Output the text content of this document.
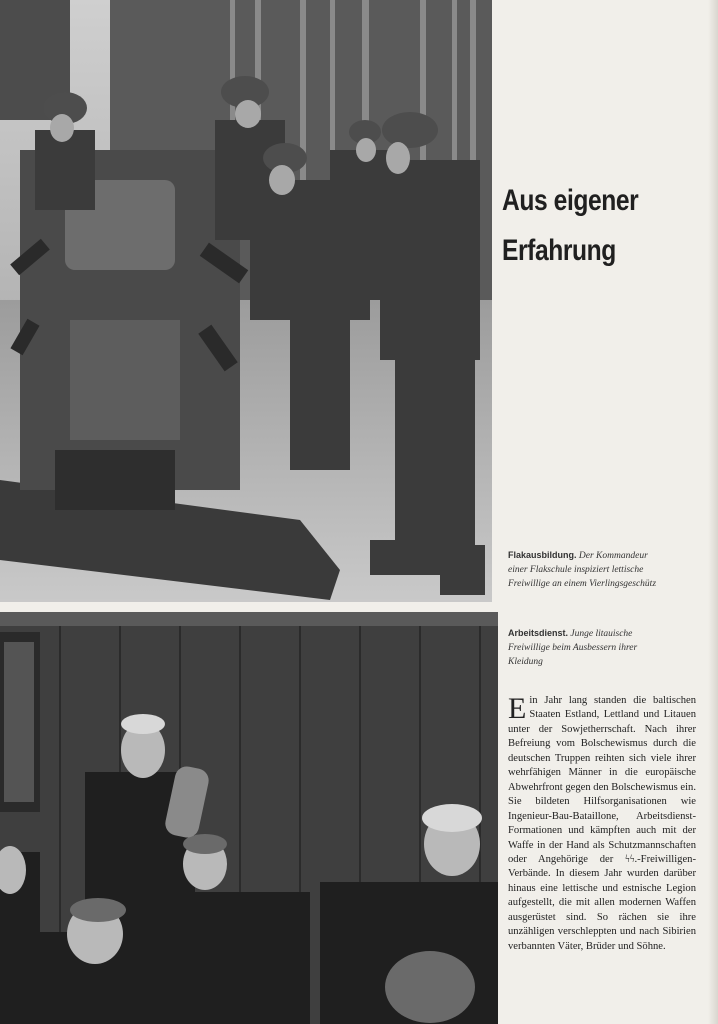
Aus eigener
Erfahrung

Flakausbildung. Der Kommandeur einer Flakschule inspiziert lettische Freiwillige an einem Vierlingsgeschütz

Arbeitsdienst. Junge litauische Freiwillige beim Ausbessern ihrer Kleidung

Ein Jahr lang standen die baltischen Staaten Estland, Lettland und Litauen unter der Sowjetherrschaft. Nach ihrer Befreiung vom Bolschewismus durch die deutschen Truppen reihten sich viele ihrer wehrfähigen Männer in die europäische Abwehrfront gegen den Bolschewismus ein. Sie bildeten Hilfsorganisationen wie Ingenieur-Bau-Bataillone, Arbeitsdienst-Formationen und kämpften auch mit der Waffe in der Hand als Schutzmannschaften oder Angehörige der ϟϟ.-Freiwilligen-Verbände. In diesem Jahr wurden darüber hinaus eine lettische und estnische Legion aufgestellt, die mit allen modernen Waffen ausgerüstet sind. So rächen sie ihre unzähligen verschleppten und nach Sibirien verbannten Väter, Brüder und Söhne.
